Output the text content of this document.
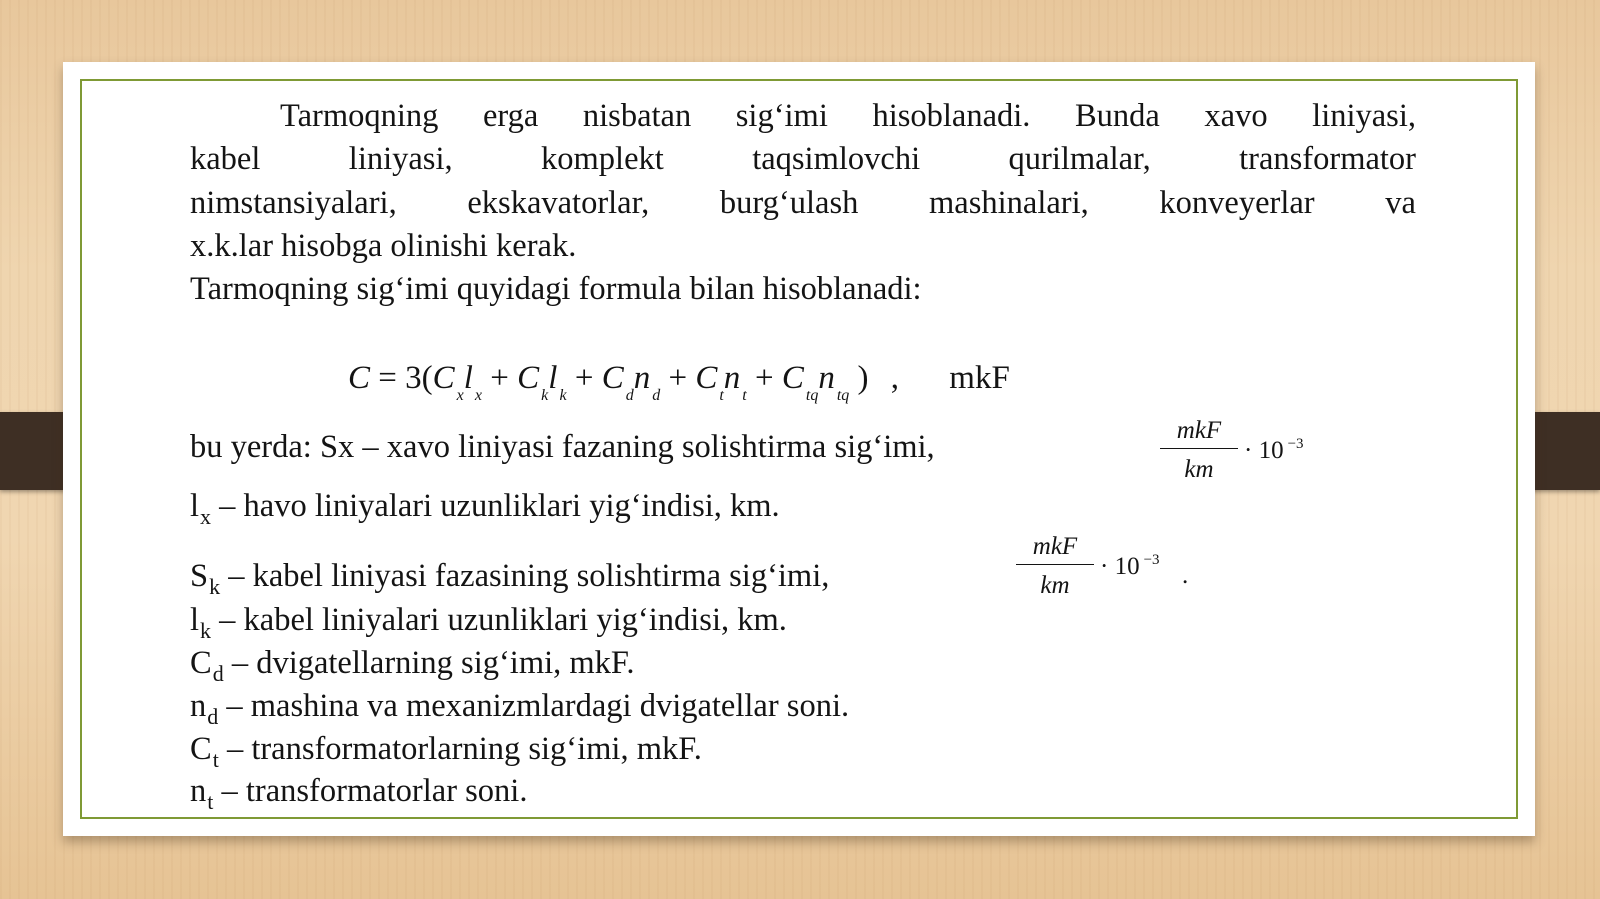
Tarmoqning erga nisbatan sig‘imi hisoblanadi. Bunda xavo liniyasi,
kabel liniyasi, komplekt taqsimlovchi qurilmalar, transformator
nimstansiyalari, ekskavatorlar, burg‘ulash mashinalari, konveyerlar va
x.k.lar hisobga olinishi kerak.
Tarmoqning sig‘imi quyidagi formula bilan hisoblanadi:
C = 3(C $_x$l $_x$ + C $_k$l $_k$ + C $_d$n $_d$ + C $_t$n $_t$ + C $_{tq}$n $_{tq}$ ) , mkF
bu yerda: Sx – xavo liniyasi fazaning solishtirma sig‘imi,	mkF
km
· 10 $^{-3}$
$l_x$ – havo liniyalari uzunliklari yig‘indisi, km.
$S_k$ – kabel liniyasi fazasining solishtirma sig‘imi,
mkF
km
· 10 $^{-3}$
.
$l_k$ – kabel liniyalari uzunliklari yig‘indisi, km.
$C_d$ – dvigatellarning sig‘imi, mkF.
$n_d$ – mashina va mexanizmlardagi dvigatellar soni.
$C_t$ – transformatorlarning sig‘imi, mkF.
$n_t$ – transformatorlar soni.
